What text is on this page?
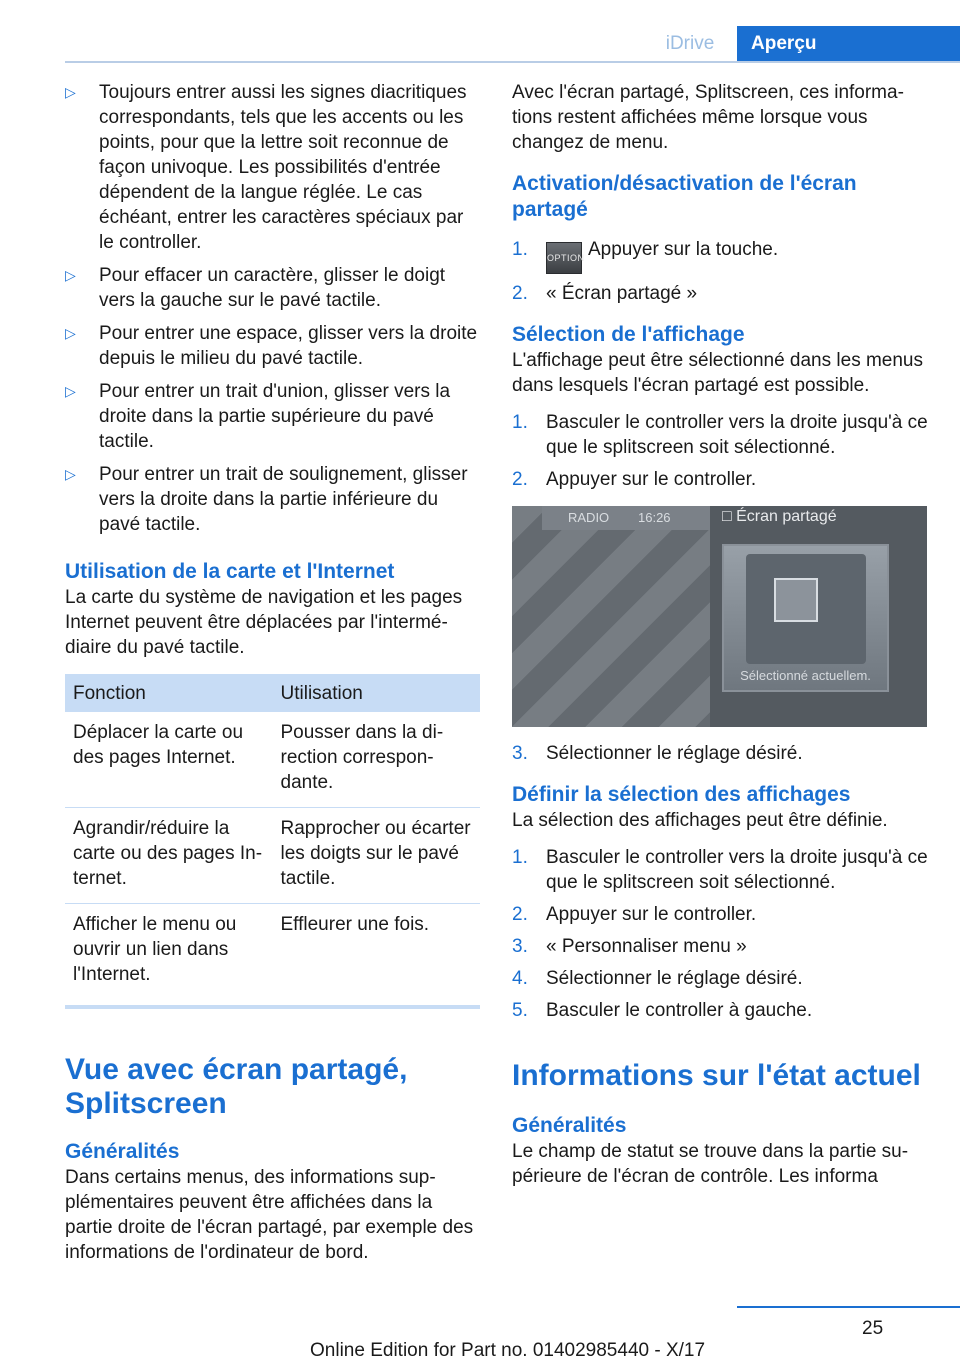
iDrive	Aperçu
▷ Toujours entrer aussi les signes diacritiques correspondants, tels que les accents ou les points, pour que la lettre soit reconnue de façon univoque. Les possibilités d'entrée dépendent de la langue réglée. Le cas échéant, entrer les caractères spéciaux par le controller.
▷ Pour effacer un caractère, glisser le doigt vers la gauche sur le pavé tactile.
▷ Pour entrer une espace, glisser vers la droite depuis le milieu du pavé tactile.
▷ Pour entrer un trait d'union, glisser vers la droite dans la partie supérieure du pavé tactile.
▷ Pour entrer un trait de soulignement, glisser vers la droite dans la partie inférieure du pavé tactile.
Utilisation de la carte et l'Internet

La carte du système de navigation et les pages Internet peuvent être déplacées par l'intermédiaire du pavé tactile.

Fonction	Utilisation
Déplacer la carte ou des pages Internet.	Pousser dans la direction correspondante.
Agrandir/réduire la carte ou des pages Internet.	Rapprocher ou écarter les doigts sur le pavé tactile.
Afficher le menu ou ouvrir un lien dans l'Internet.	Effleurer une fois.
Vue avec écran partagé, Splitscreen
Généralités

Dans certains menus, des informations supplémentaires peuvent être affichées dans la partie droite de l'écran partagé, par exemple des informations de l'ordinateur de bord.

Avec l'écran partagé, Splitscreen, ces informations restent affichées même lorsque vous changez de menu.

Activation/désactivation de l'écran partagé
1. OPTION Appuyer sur la touche.
2. « Écran partagé »
Sélection de l'affichage

L'affichage peut être sélectionné dans les menus dans lesquels l'écran partagé est possible.

1. Basculer le controller vers la droite jusqu'à ce que le splitscreen soit sélectionné.
2. Appuyer sur le controller.
RADIO 16:26	□ Écran partagé
Sélectionné actuellem.
3. Sélectionner le réglage désiré.
Définir la sélection des affichages

La sélection des affichages peut être définie.

1. Basculer le controller vers la droite jusqu'à ce que le splitscreen soit sélectionné.
2. Appuyer sur le controller.
3. « Personnaliser menu »
4. Sélectionner le réglage désiré.
5. Basculer le controller à gauche.
Informations sur l'état actuel
Généralités

Le champ de statut se trouve dans la partie supérieure de l'écran de contrôle. Les informa

25
Online Edition for Part no. 01402985440 - X/17
